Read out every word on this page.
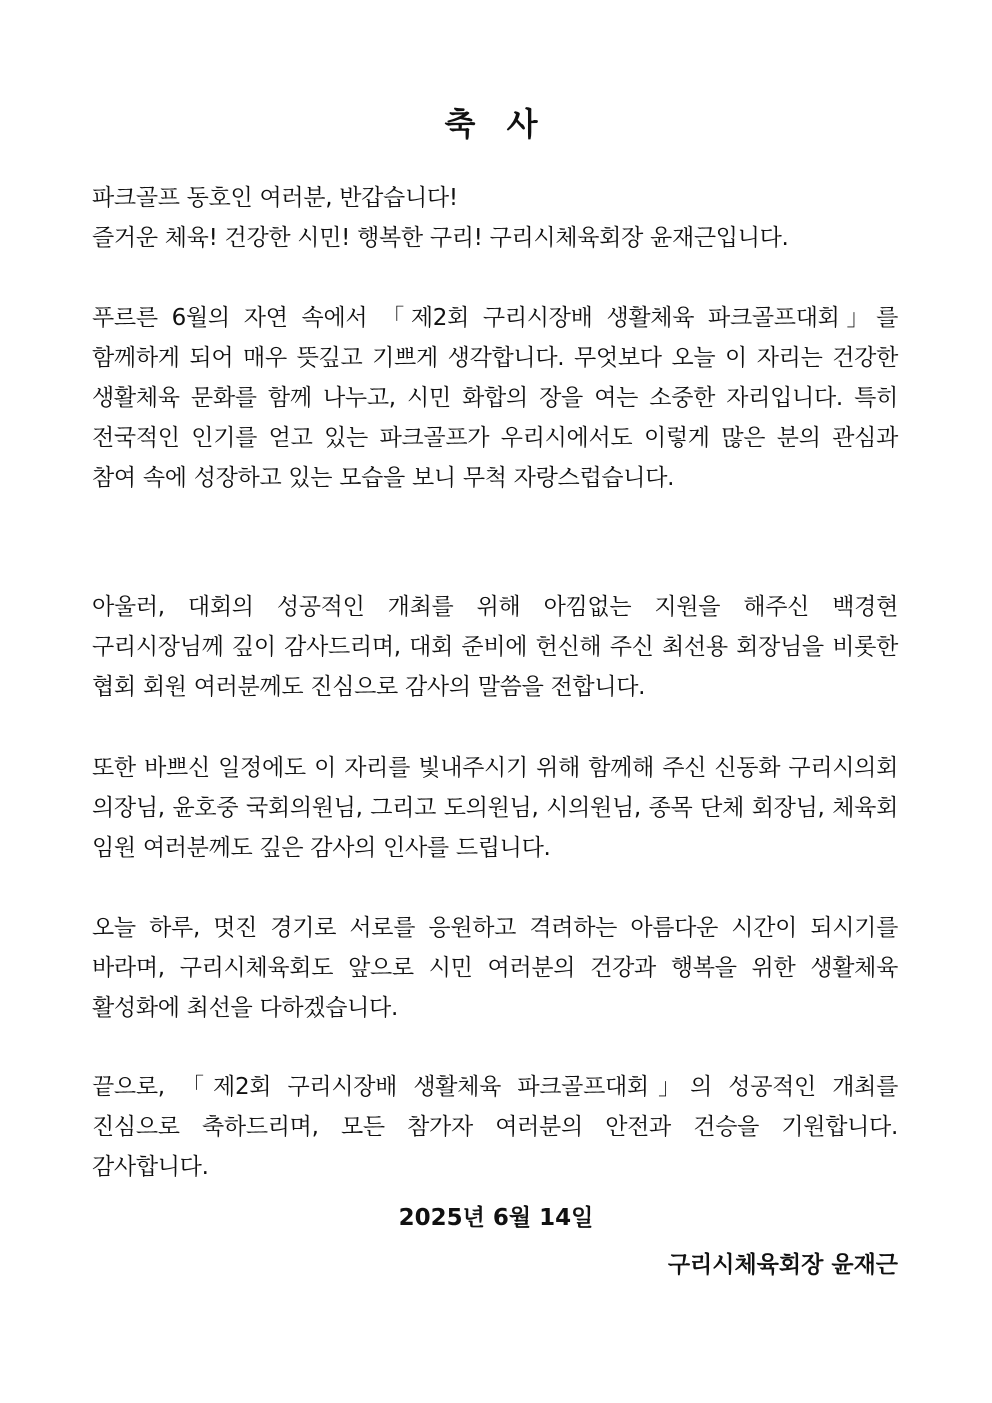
축 사
파크골프 동호인 여러분, 반갑습니다!
즐거운 체육! 건강한 시민! 행복한 구리! 구리시체육회장 윤재근입니다.

푸르른 6월의 자연 속에서 「제2회 구리시장배 생활체육 파크골프대회」를 함께하게 되어 매우 뜻깊고 기쁘게 생각합니다. 무엇보다 오늘 이 자리는 건강한 생활체육 문화를 함께 나누고, 시민 화합의 장을 여는 소중한 자리입니다. 특히 전국적인 인기를 얻고 있는 파크골프가 우리시에서도 이렇게 많은 분의 관심과 참여 속에 성장하고 있는 모습을 보니 무척 자랑스럽습니다.

아울러, 대회의 성공적인 개최를 위해 아낌없는 지원을 해주신 백경현 구리시장님께 깊이 감사드리며, 대회 준비에 헌신해 주신 최선용 회장님을 비롯한 협회 회원 여러분께도 진심으로 감사의 말씀을 전합니다.

또한 바쁘신 일정에도 이 자리를 빛내주시기 위해 함께해 주신 신동화 구리시의회 의장님, 윤호중 국회의원님, 그리고 도의원님, 시의원님, 종목 단체 회장님, 체육회 임원 여러분께도 깊은 감사의 인사를 드립니다.

오늘 하루, 멋진 경기로 서로를 응원하고 격려하는 아름다운 시간이 되시기를 바라며, 구리시체육회도 앞으로 시민 여러분의 건강과 행복을 위한 생활체육 활성화에 최선을 다하겠습니다.

끝으로, 「제2회 구리시장배 생활체육 파크골프대회」의 성공적인 개최를 진심으로 축하드리며, 모든 참가자 여러분의 안전과 건승을 기원합니다. 감사합니다.

2025년 6월 14일
구리시체육회장 윤재근
